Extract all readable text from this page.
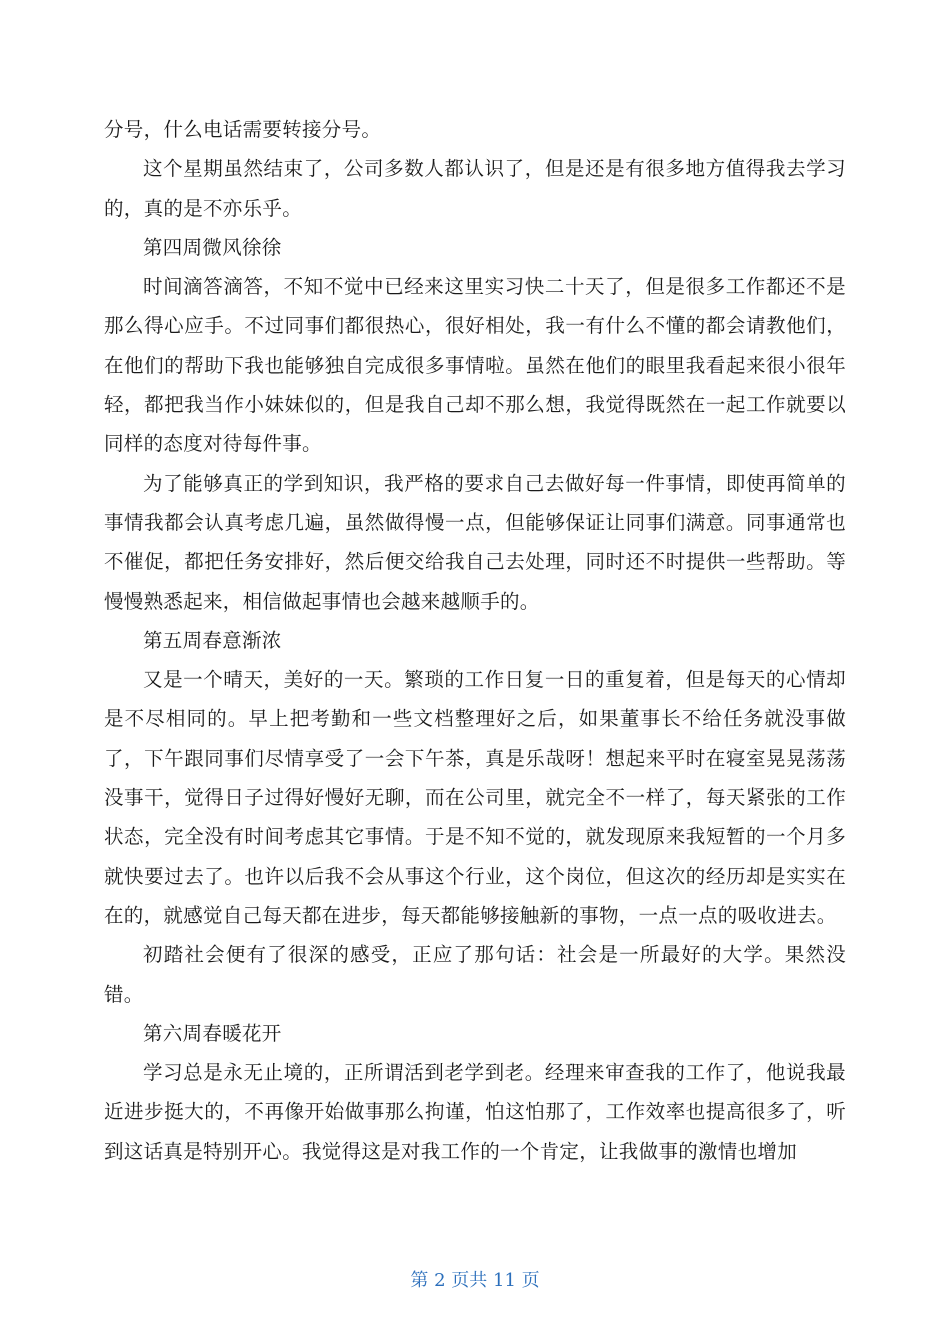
分号，什么电话需要转接分号。

这个星期虽然结束了，公司多数人都认识了，但是还是有很多地方值得我去学习的，真的是不亦乐乎。

第四周微风徐徐

时间滴答滴答，不知不觉中已经来这里实习快二十天了，但是很多工作都还不是那么得心应手。不过同事们都很热心，很好相处，我一有什么不懂的都会请教他们，在他们的帮助下我也能够独自完成很多事情啦。虽然在他们的眼里我看起来很小很年轻，都把我当作小妹妹似的，但是我自己却不那么想，我觉得既然在一起工作就要以同样的态度对待每件事。

为了能够真正的学到知识，我严格的要求自己去做好每一件事情，即使再简单的事情我都会认真考虑几遍，虽然做得慢一点，但能够保证让同事们满意。同事通常也不催促，都把任务安排好，然后便交给我自己去处理，同时还不时提供一些帮助。等慢慢熟悉起来，相信做起事情也会越来越顺手的。

第五周春意渐浓

又是一个晴天，美好的一天。繁琐的工作日复一日的重复着，但是每天的心情却是不尽相同的。早上把考勤和一些文档整理好之后，如果董事长不给任务就没事做了，下午跟同事们尽情享受了一会下午茶，真是乐哉呀！想起来平时在寝室晃晃荡荡没事干，觉得日子过得好慢好无聊，而在公司里，就完全不一样了，每天紧张的工作状态，完全没有时间考虑其它事情。于是不知不觉的，就发现原来我短暂的一个月多就快要过去了。也许以后我不会从事这个行业，这个岗位，但这次的经历却是实实在在的，就感觉自己每天都在进步，每天都能够接触新的事物，一点一点的吸收进去。

初踏社会便有了很深的感受，正应了那句话：社会是一所最好的大学。果然没错。

第六周春暖花开

学习总是永无止境的，正所谓活到老学到老。经理来审查我的工作了，他说我最近进步挺大的，不再像开始做事那么拘谨，怕这怕那了，工作效率也提高很多了，听到这话真是特别开心。我觉得这是对我工作的一个肯定，让我做事的激情也增加

第 2 页共 11 页
